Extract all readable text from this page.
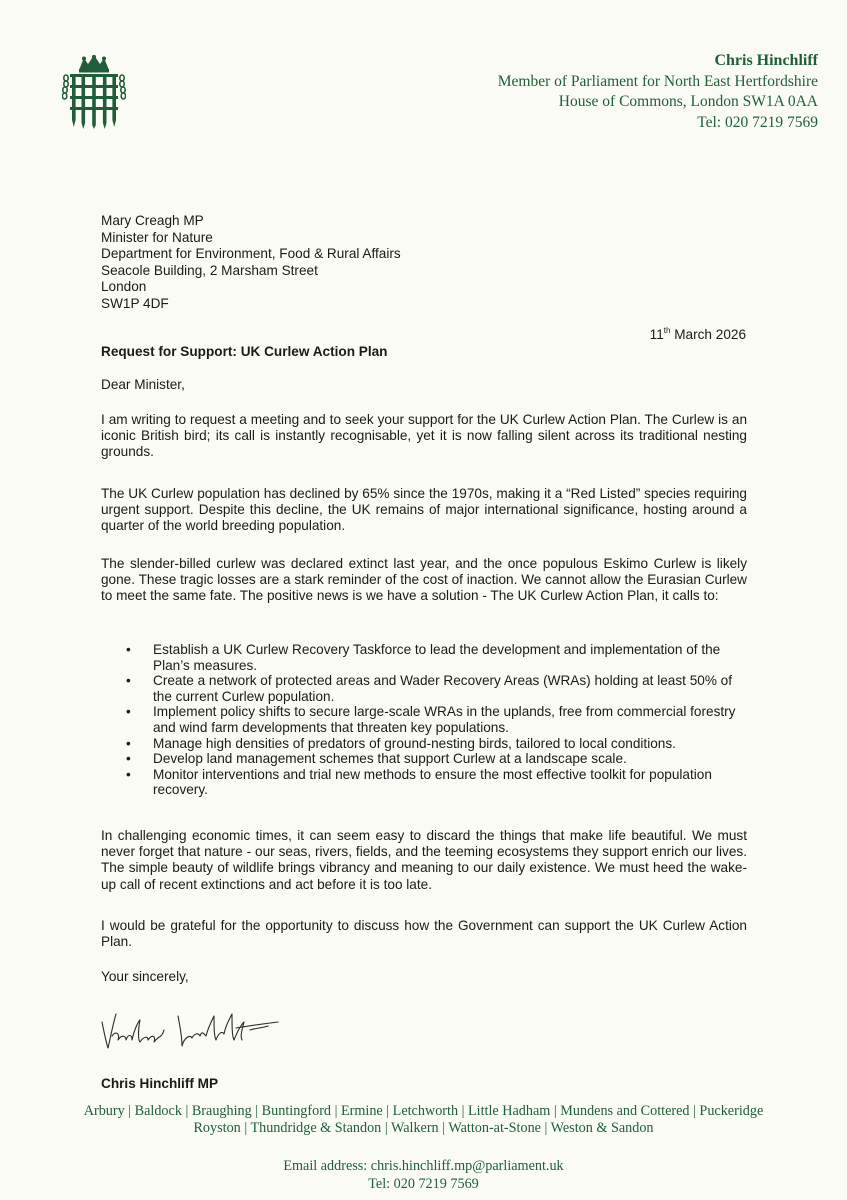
Chris Hinchliff
Member of Parliament for North East Hertfordshire
House of Commons, London SW1A 0AA
Tel: 020 7219 7569
Mary Creagh MP
Minister for Nature
Department for Environment, Food & Rural Affairs
Seacole Building, 2 Marsham Street
London
SW1P 4DF
11th March 2026
Request for Support: UK Curlew Action Plan
Dear Minister,
I am writing to request a meeting and to seek your support for the UK Curlew Action Plan. The Curlew is an iconic British bird; its call is instantly recognisable, yet it is now falling silent across its traditional nesting grounds.
The UK Curlew population has declined by 65% since the 1970s, making it a “Red Listed” species requiring urgent support. Despite this decline, the UK remains of major international significance, hosting around a quarter of the world breeding population.
The slender-billed curlew was declared extinct last year, and the once populous Eskimo Curlew is likely gone. These tragic losses are a stark reminder of the cost of inaction. We cannot allow the Eurasian Curlew to meet the same fate. The positive news is we have a solution - The UK Curlew Action Plan, it calls to:
• Establish a UK Curlew Recovery Taskforce to lead the development and implementation of the Plan’s measures.
• Create a network of protected areas and Wader Recovery Areas (WRAs) holding at least 50% of the current Curlew population.
• Implement policy shifts to secure large-scale WRAs in the uplands, free from commercial forestry and wind farm developments that threaten key populations.
• Manage high densities of predators of ground-nesting birds, tailored to local conditions.
• Develop land management schemes that support Curlew at a landscape scale.
• Monitor interventions and trial new methods to ensure the most effective toolkit for population recovery.
In challenging economic times, it can seem easy to discard the things that make life beautiful. We must never forget that nature - our seas, rivers, fields, and the teeming ecosystems they support enrich our lives. The simple beauty of wildlife brings vibrancy and meaning to our daily existence. We must heed the wake-up call of recent extinctions and act before it is too late.
I would be grateful for the opportunity to discuss how the Government can support the UK Curlew Action Plan.
Your sincerely,
Chris Hinchliff MP
Arbury | Baldock | Braughing | Buntingford | Ermine | Letchworth | Little Hadham | Mundens and Cottered | Puckeridge
Royston | Thundridge & Standon | Walkern | Watton-at-Stone | Weston & Sandon
Email address: chris.hinchliff.mp@parliament.uk
Tel: 020 7219 7569
